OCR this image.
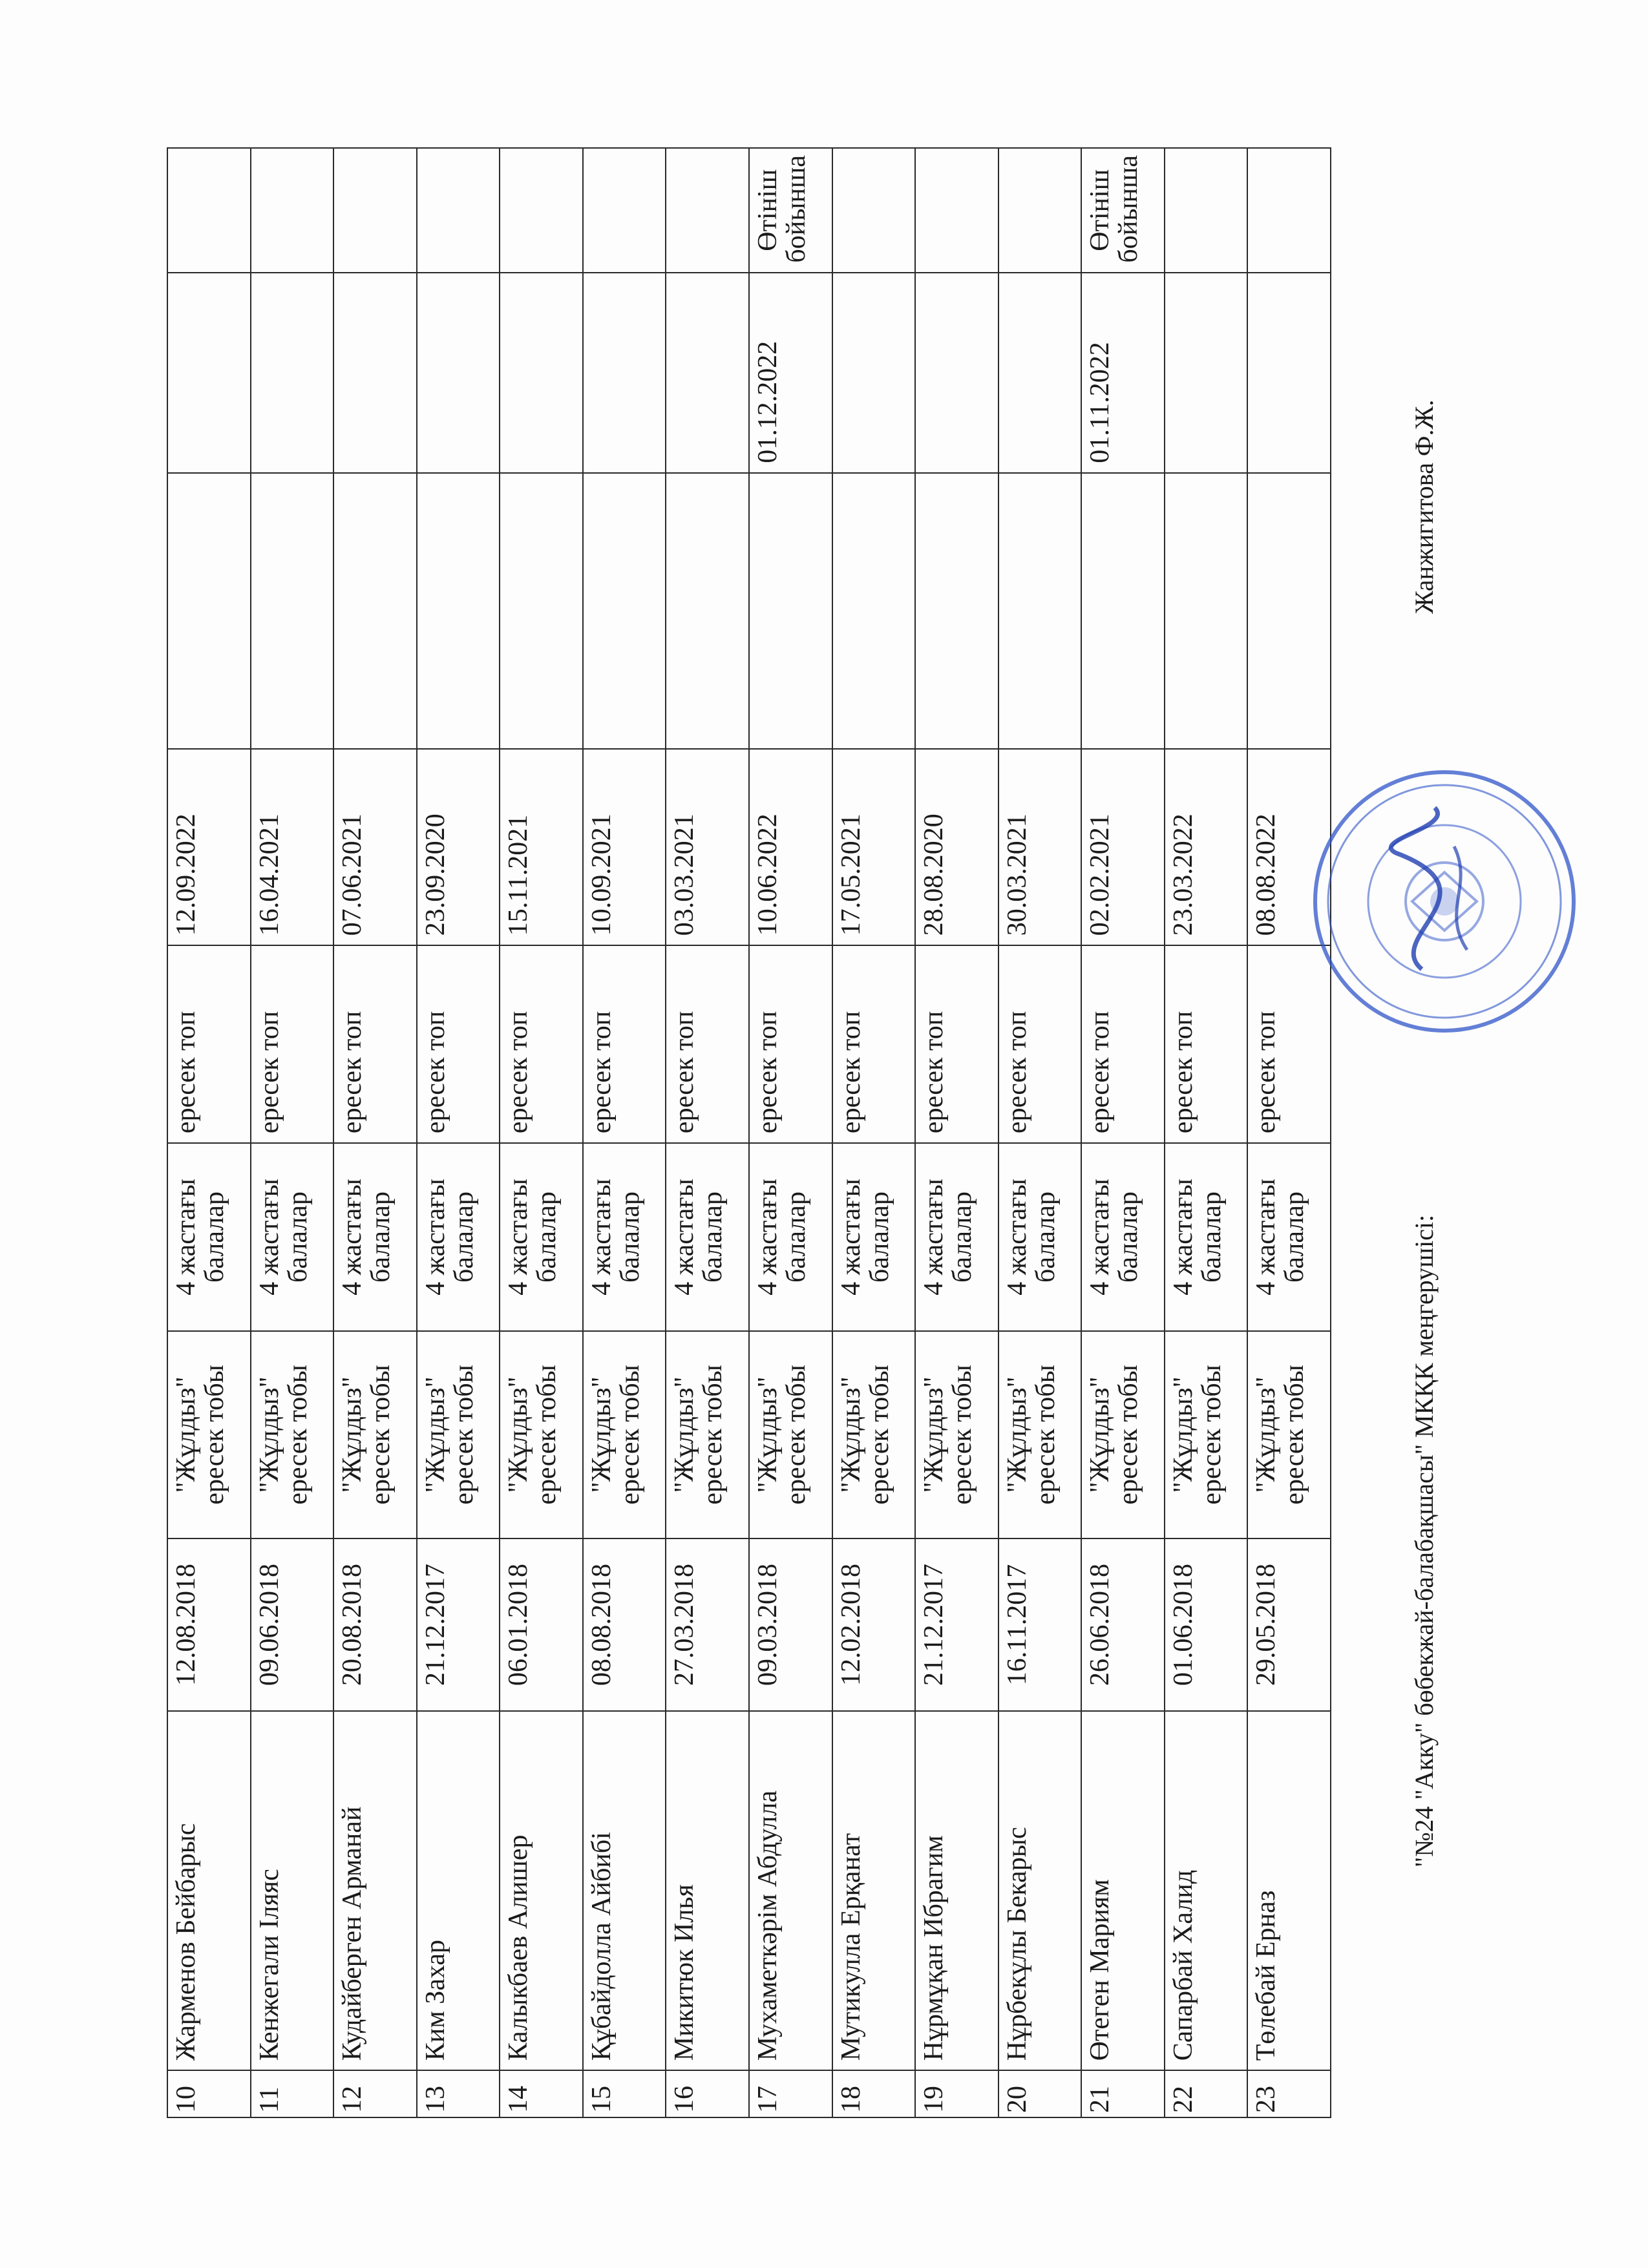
10	Жарменов Бейбарыс	12.08.2018	"Жұлдыз" ересек тобы	4 жастағы балалар	ересек топ	12.09.2022			
11	Кенжегали Іляяс	09.06.2018	"Жұлдыз" ересек тобы	4 жастағы балалар	ересек топ	16.04.2021			
12	Кудайберген Арманай	20.08.2018	"Жұлдыз" ересек тобы	4 жастағы балалар	ересек топ	07.06.2021			
13	Ким Захар	21.12.2017	"Жұлдыз" ересек тобы	4 жастағы балалар	ересек топ	23.09.2020			
14	Калыкбаев Алишер	06.01.2018	"Жұлдыз" ересек тобы	4 жастағы балалар	ересек топ	15.11.2021			
15	Құбайдолла Айбибі	08.08.2018	"Жұлдыз" ересек тобы	4 жастағы балалар	ересек топ	10.09.2021			
16	Микитюк Илья	27.03.2018	"Жұлдыз" ересек тобы	4 жастағы балалар	ересек топ	03.03.2021			
17	Мухаметкәрім Абдулла	09.03.2018	"Жұлдыз" ересек тобы	4 жастағы балалар	ересек топ	10.06.2022		01.12.2022	Өтініш бойынша
18	Мутикулла Ерқанат	12.02.2018	"Жұлдыз" ересек тобы	4 жастағы балалар	ересек топ	17.05.2021			
19	Нұрмұқан Ибрагим	21.12.2017	"Жұлдыз" ересек тобы	4 жастағы балалар	ересек топ	28.08.2020			
20	Нұрбекұлы Бекарыс	16.11.2017	"Жұлдыз" ересек тобы	4 жастағы балалар	ересек топ	30.03.2021			
21	Өтеген Мариям	26.06.2018	"Жұлдыз" ересек тобы	4 жастағы балалар	ересек топ	02.02.2021		01.11.2022	Өтініш бойынша
22	Сапарбай Халид	01.06.2018	"Жұлдыз" ересек тобы	4 жастағы балалар	ересек топ	23.03.2022			
23	Төлебай Ерназ	29.05.2018	"Жұлдыз" ересек тобы	4 жастағы балалар	ересек топ	08.08.2022			
"№24 "Акку" бөбекжай-балабақшасы" МКҚК меңгерушісі:
Жанжигитова Ф.Ж.
